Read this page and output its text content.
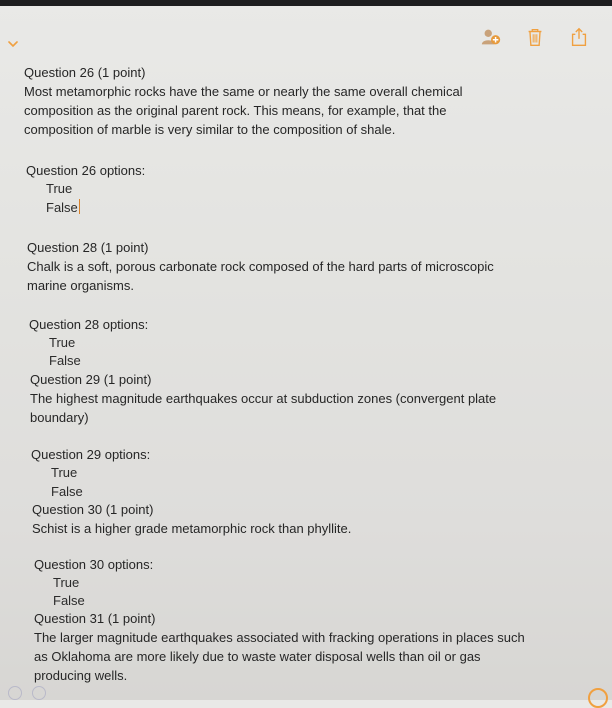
Question 26 (1 point)

Most metamorphic rocks have the same or nearly the same overall chemical

composition as the original parent rock. This means, for example, that the

composition of marble is very similar to the composition of shale.

Question 26 options:
True
False

Question 28 (1 point)

Chalk is a soft, porous carbonate rock composed of the hard parts of microscopic

marine organisms.

Question 28 options:
True
False

Question 29 (1 point)

The highest magnitude earthquakes occur at subduction zones (convergent plate

boundary)

Question 29 options:
True
False

Question 30 (1 point)

Schist is a higher grade metamorphic rock than phyllite.

Question 30 options:
True
False

Question 31 (1 point)

The larger magnitude earthquakes associated with fracking operations in places such

as Oklahoma are more likely due to waste water disposal wells than oil or gas

producing wells.
